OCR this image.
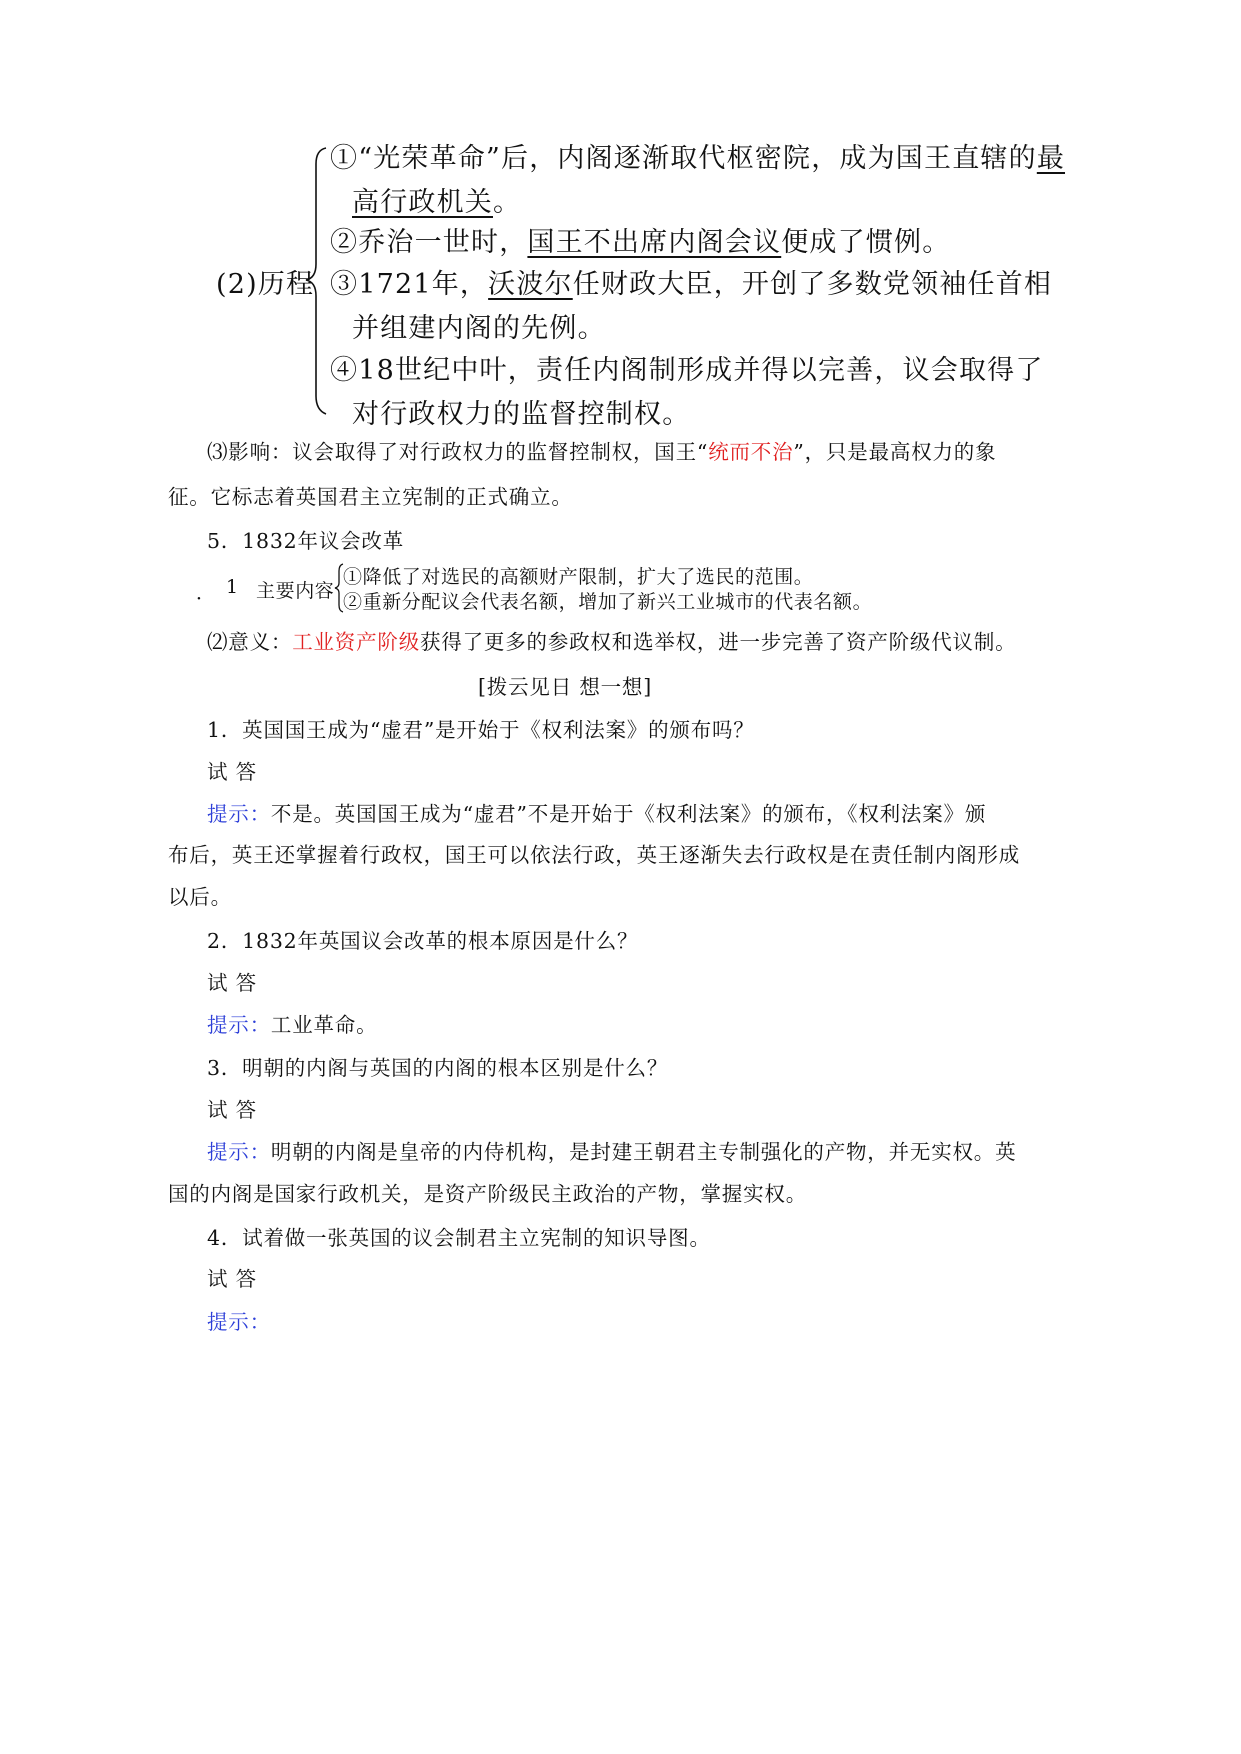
(2)历程
①“光荣革命”后，内阁逐渐取代枢密院，成为国王直辖的最
高行政机关。
②乔治一世时，国王不出席内阁会议便成了惯例。
③1721年，沃波尔任财政大臣，开创了多数党领袖任首相
并组建内阁的先例。
④18世纪中叶，责任内阁制形成并得以完善，议会取得了
对行政权力的监督控制权。
⑶影响：议会取得了对行政权力的监督控制权，国王“统而不治”，只是最高权力的象
征。它标志着英国君主立宪制的正式确立。
5．1832年议会改革
． 1 主要内容
①降低了对选民的高额财产限制，扩大了选民的范围。
②重新分配议会代表名额，增加了新兴工业城市的代表名额。
⑵意义：工业资产阶级获得了更多的参政权和选举权，进一步完善了资产阶级代议制。
[拨云见日 想一想]
1．英国国王成为“虚君”是开始于《权利法案》的颁布吗？
试 答
提示：不是。英国国王成为“虚君”不是开始于《权利法案》的颁布，《权利法案》颁
布后，英王还掌握着行政权，国王可以依法行政，英王逐渐失去行政权是在责任制内阁形成
以后。
2．1832年英国议会改革的根本原因是什么？
试 答
提示：工业革命。
3．明朝的内阁与英国的内阁的根本区别是什么？
试 答
提示：明朝的内阁是皇帝的内侍机构，是封建王朝君主专制强化的产物，并无实权。英
国的内阁是国家行政机关，是资产阶级民主政治的产物，掌握实权。
4．试着做一张英国的议会制君主立宪制的知识导图。
试 答
提示：
